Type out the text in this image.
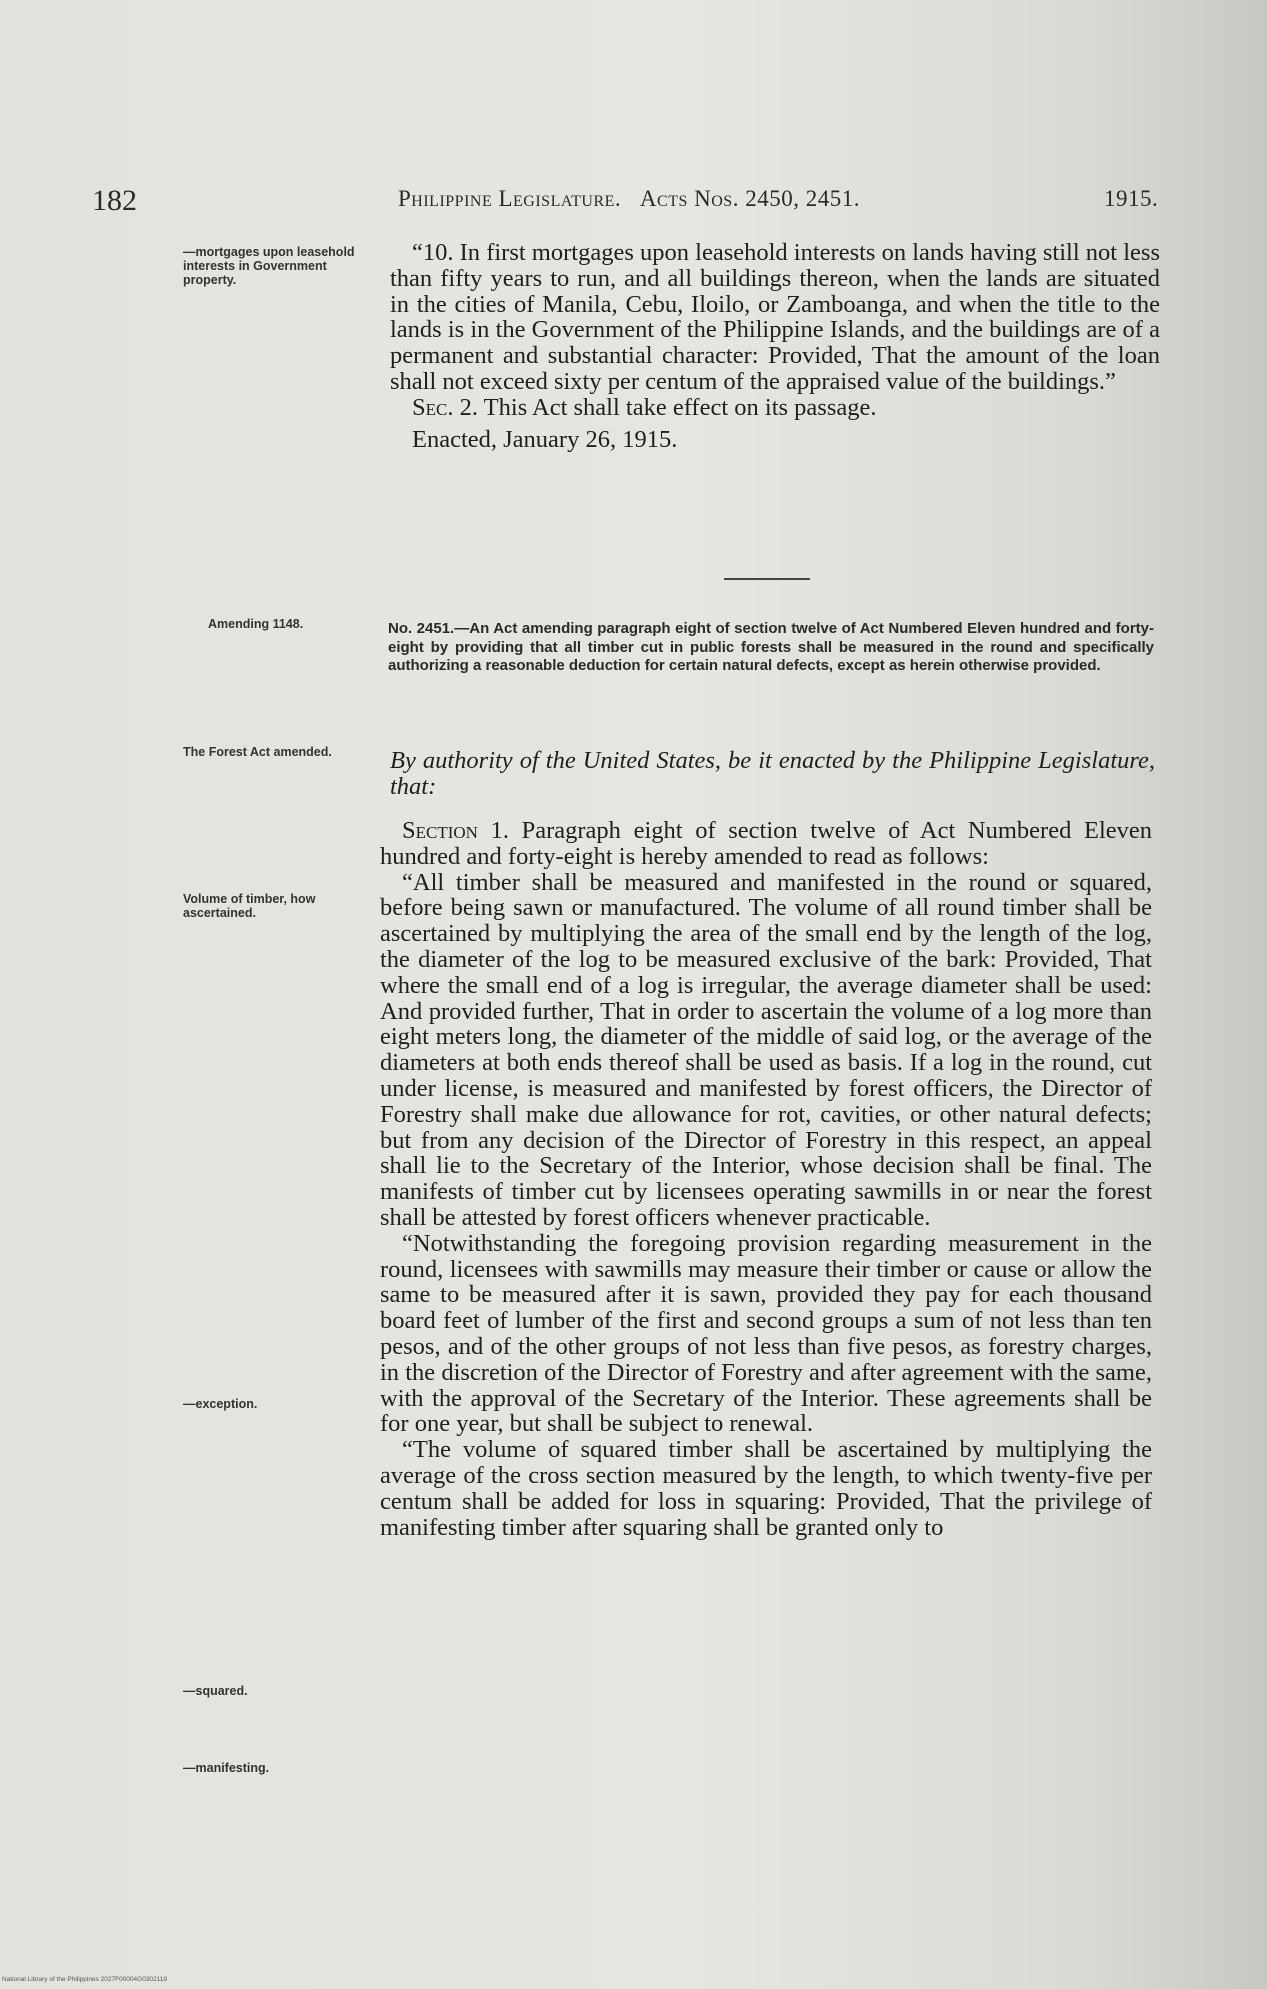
182	Philippine Legislature. Acts Nos. 2450, 2451.	1915.
—mortgages upon leasehold interests in Government property.
Amending 1148.
The Forest Act amended.
Volume of timber, how ascertained.
—exception.
—squared.
—manifesting.

“10. In first mortgages upon leasehold interests on lands having still not less than fifty years to run, and all buildings thereon, when the lands are situated in the cities of Manila, Cebu, Iloilo, or Zamboanga, and when the title to the lands is in the Government of the Philippine Islands, and the buildings are of a permanent and substantial character: Provided, That the amount of the loan shall not exceed sixty per centum of the appraised value of the buildings.”

Sec. 2. This Act shall take effect on its passage.

Enacted, January 26, 1915.

No. 2451.—An Act amending paragraph eight of section twelve of Act Numbered Eleven hundred and forty-eight by providing that all timber cut in public forests shall be measured in the round and specifically authorizing a reasonable deduction for certain natural defects, except as herein otherwise provided.
By authority of the United States, be it enacted by the Philippine Legislature, that:

Section 1. Paragraph eight of section twelve of Act Numbered Eleven hundred and forty-eight is hereby amended to read as follows:

“All timber shall be measured and manifested in the round or squared, before being sawn or manufactured. The volume of all round timber shall be ascertained by multiplying the area of the small end by the length of the log, the diameter of the log to be measured exclusive of the bark: Provided, That where the small end of a log is irregular, the average diameter shall be used: And provided further, That in order to ascertain the volume of a log more than eight meters long, the diameter of the middle of said log, or the average of the diameters at both ends thereof shall be used as basis. If a log in the round, cut under license, is measured and manifested by forest officers, the Director of Forestry shall make due allowance for rot, cavities, or other natural defects; but from any decision of the Director of Forestry in this respect, an appeal shall lie to the Secretary of the Interior, whose decision shall be final. The manifests of timber cut by licensees operating sawmills in or near the forest shall be attested by forest officers whenever practicable.

“Notwithstanding the foregoing provision regarding measurement in the round, licensees with sawmills may measure their timber or cause or allow the same to be measured after it is sawn, provided they pay for each thousand board feet of lumber of the first and second groups a sum of not less than ten pesos, and of the other groups of not less than five pesos, as forestry charges, in the discretion of the Director of Forestry and after agreement with the same, with the approval of the Secretary of the Interior. These agreements shall be for one year, but shall be subject to renewal.

“The volume of squared timber shall be ascertained by multiplying the average of the cross section measured by the length, to which twenty-five per centum shall be added for loss in squaring: Provided, That the privilege of manifesting timber after squaring shall be granted only to

National Library of the Philippines 2027F00004G0302119
